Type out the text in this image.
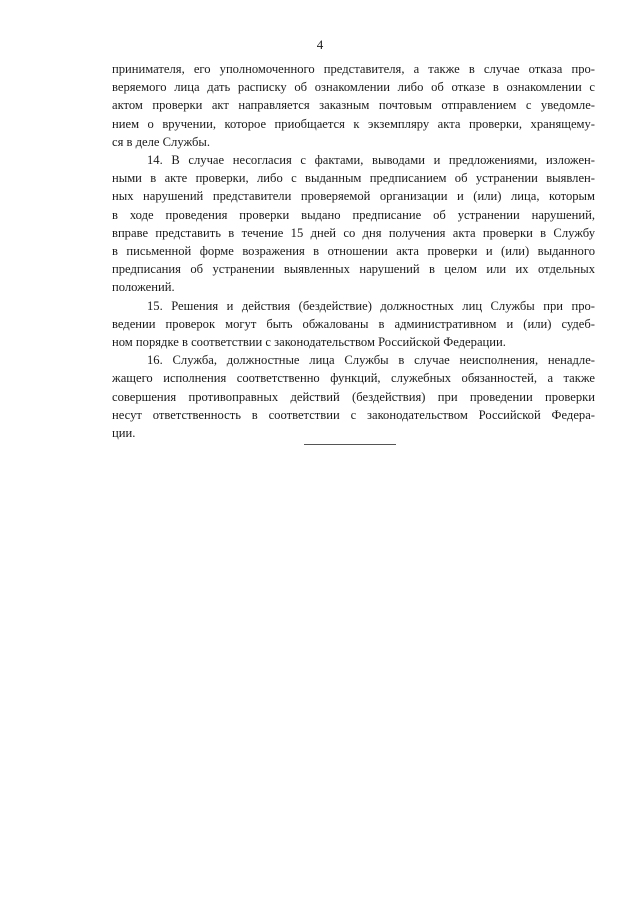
4

принимателя, его уполномоченного представителя, а также в случае отказа про-
веряемого лица дать расписку об ознакомлении либо об отказе в ознакомлении с
актом проверки акт направляется заказным почтовым отправлением с уведомле-
нием о вручении, которое приобщается к экземпляру акта проверки, хранящему-
ся в деле Службы.

14. В случае несогласия с фактами, выводами и предложениями, изложен-
ными в акте проверки, либо с выданным предписанием об устранении выявлен-
ных нарушений представители проверяемой организации и (или) лица, которым
в ходе проведения проверки выдано предписание об устранении нарушений,
вправе представить в течение 15 дней со дня получения акта проверки в Службу
в письменной форме возражения в отношении акта проверки и (или) выданного
предписания об устранении выявленных нарушений в целом или их отдельных
положений.

15. Решения и действия (бездействие) должностных лиц Службы при про-
ведении проверок могут быть обжалованы в административном и (или) судеб-
ном порядке в соответствии с законодательством Российской Федерации.

16. Служба, должностные лица Службы в случае неисполнения, ненадле-
жащего исполнения соответственно функций, служебных обязанностей, а также
совершения противоправных действий (бездействия) при проведении проверки
несут ответственность в соответствии с законодательством Российской Федера-
ции.
